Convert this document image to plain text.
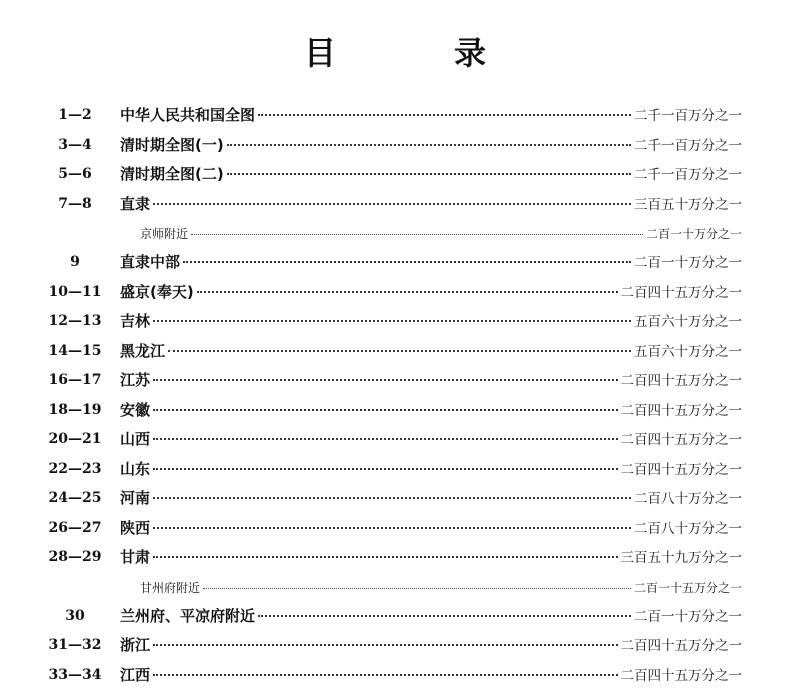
目	录
1—2	中华人民共和国全图	二千一百万分之一
3—4	清时期全图(一)	二千一百万分之一
5—6	清时期全图(二)	二千一百万分之一
7—8	直隶	三百五十万分之一
京师附近	二百一十万分之一
9	直隶中部	二百一十万分之一
10—11 盛京(奉天)	二百四十五万分之一
12—13 吉林	五百六十万分之一
14—15 黑龙江	五百六十万分之一
16—17 江苏	二百四十五万分之一
18—19 安徽	二百四十五万分之一
20—21 山西	二百四十五万分之一
22—23 山东	二百四十五万分之一
24—25 河南	二百八十万分之一
26—27 陕西	二百八十万分之一
28—29 甘肃	三百五十九万分之一
甘州府附近	二百一十五万分之一
30	兰州府、平凉府附近	二百一十万分之一
31—32 浙江	二百四十五万分之一
33—34 江西	二百四十五万分之一
